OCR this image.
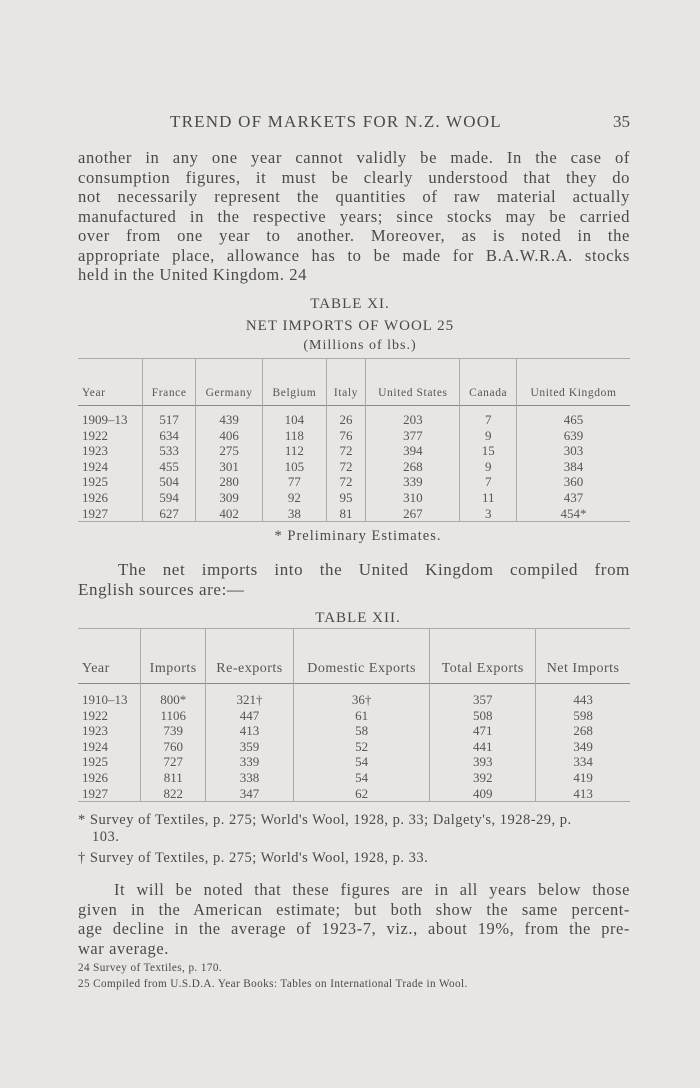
TREND OF MARKETS FOR N.Z. WOOL	35
another in any one year cannot validly be made. In the case of
consumption figures, it must be clearly understood that they do
not necessarily represent the quantities of raw material actually
manufactured in the respective years; since stocks may be carried
over from one year to another. Moreover, as is noted in the
appropriate place, allowance has to be made for B.A.W.R.A. stocks
held in the United Kingdom. 24
TABLE XI.
NET IMPORTS OF WOOL 25
(Millions of lbs.)
Year	France	Germany	Belgium	Italy	United States	Canada	United Kingdom
1909–13	517	439	104	26	203	7	465
1922	634	406	118	76	377	9	639
1923	533	275	112	72	394	15	303
1924	455	301	105	72	268	9	384
1925	504	280	77	72	339	7	360
1926	594	309	92	95	310	11	437
1927	627	402	38	81	267	3	454*
* Preliminary Estimates.
The net imports into the United Kingdom compiled from
English sources are:—
TABLE XII.
Year	Imports	Re-exports	Domestic Exports	Total Exports	Net Imports
1910–13	800*	321†	36†	357	443
1922	1106	447	61	508	598
1923	739	413	58	471	268
1924	760	359	52	441	349
1925	727	339	54	393	334
1926	811	338	54	392	419
1927	822	347	62	409	413
* Survey of Textiles, p. 275; World's Wool, 1928, p. 33; Dalgety's, 1928-29, p.
103.
† Survey of Textiles, p. 275; World's Wool, 1928, p. 33.
It will be noted that these figures are in all years below those
given in the American estimate; but both show the same percent-
age decline in the average of 1923-7, viz., about 19%, from the pre-
war average.
24 Survey of Textiles, p. 170.
25 Compiled from U.S.D.A. Year Books: Tables on International Trade in Wool.
